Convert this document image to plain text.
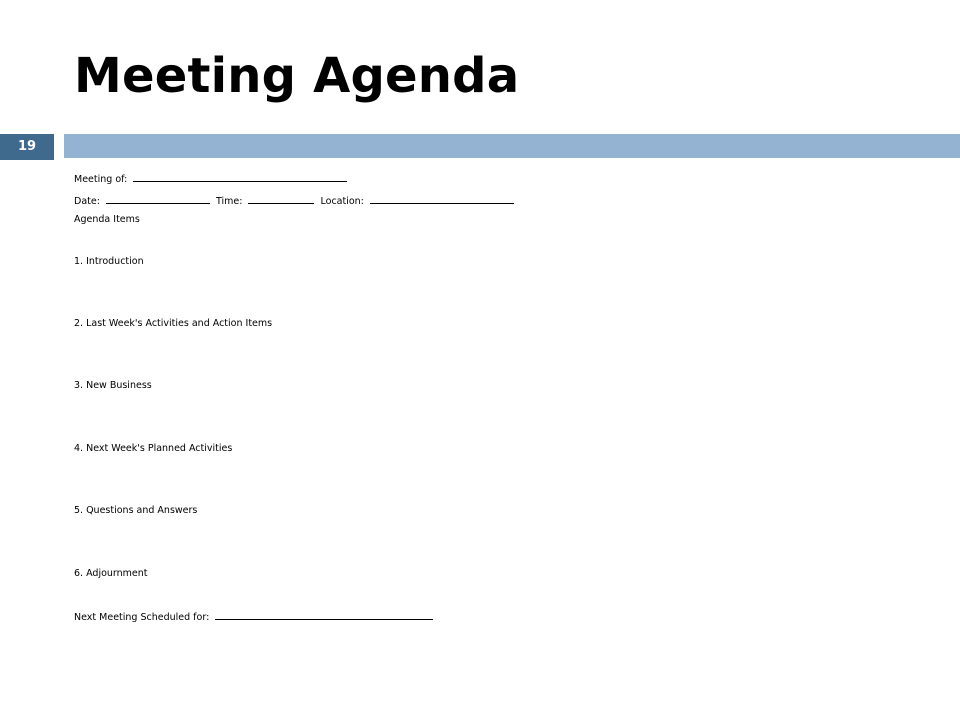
Meeting Agenda
19
Meeting of:
Date:	Time:	Location:
Agenda Items
1. Introduction
2. Last Week's Activities and Action Items
3. New Business
4. Next Week's Planned Activities
5. Questions and Answers
6. Adjournment
Next Meeting Scheduled for:
